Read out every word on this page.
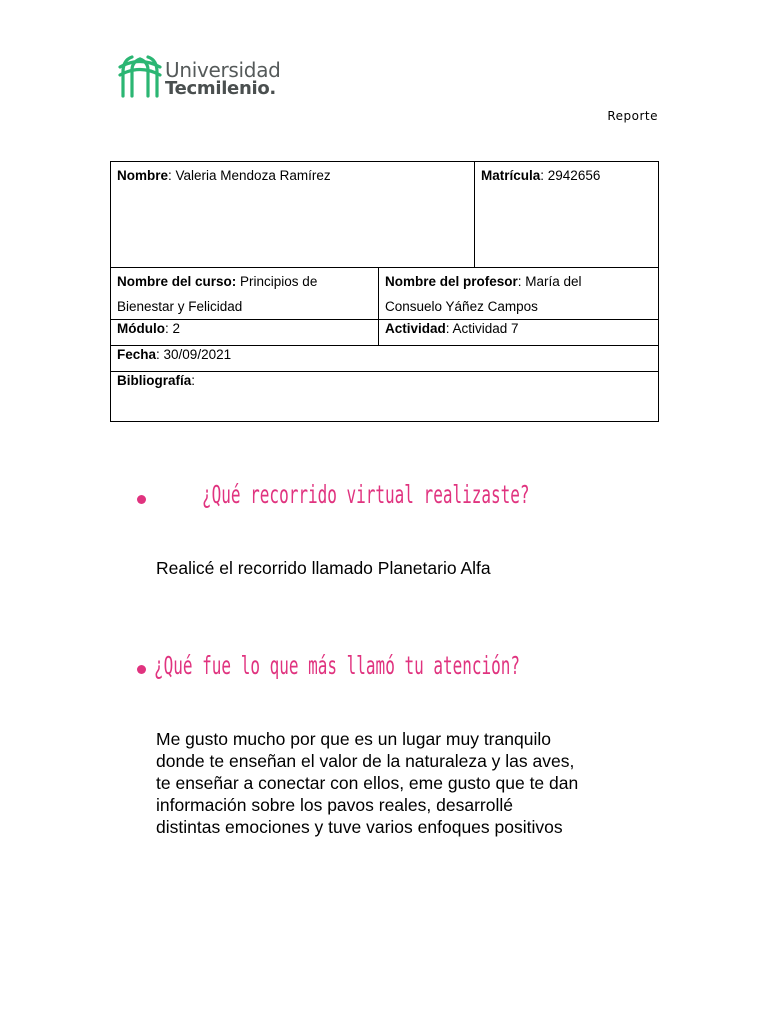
Universidad
Tecmilenio.
Reporte
Nombre: Valeria Mendoza Ramírez	Matrícula: 2942656
Nombre del curso: Principios de
Bienestar y Felicidad
Nombre del profesor: María del
Consuelo Yáñez Campos
Módulo: 2	Actividad: Actividad 7
Fecha: 30/09/2021
Bibliografía:
¿Qué recorrido virtual realizaste?
Realicé el recorrido llamado Planetario Alfa
¿Qué fue lo que más llamó tu atención?
Me gusto mucho por que es un lugar muy tranquilo
donde te enseñan el valor de la naturaleza y las aves,
te enseñar a conectar con ellos, eme gusto que te dan
información sobre los pavos reales, desarrollé
distintas emociones y tuve varios enfoques positivos
